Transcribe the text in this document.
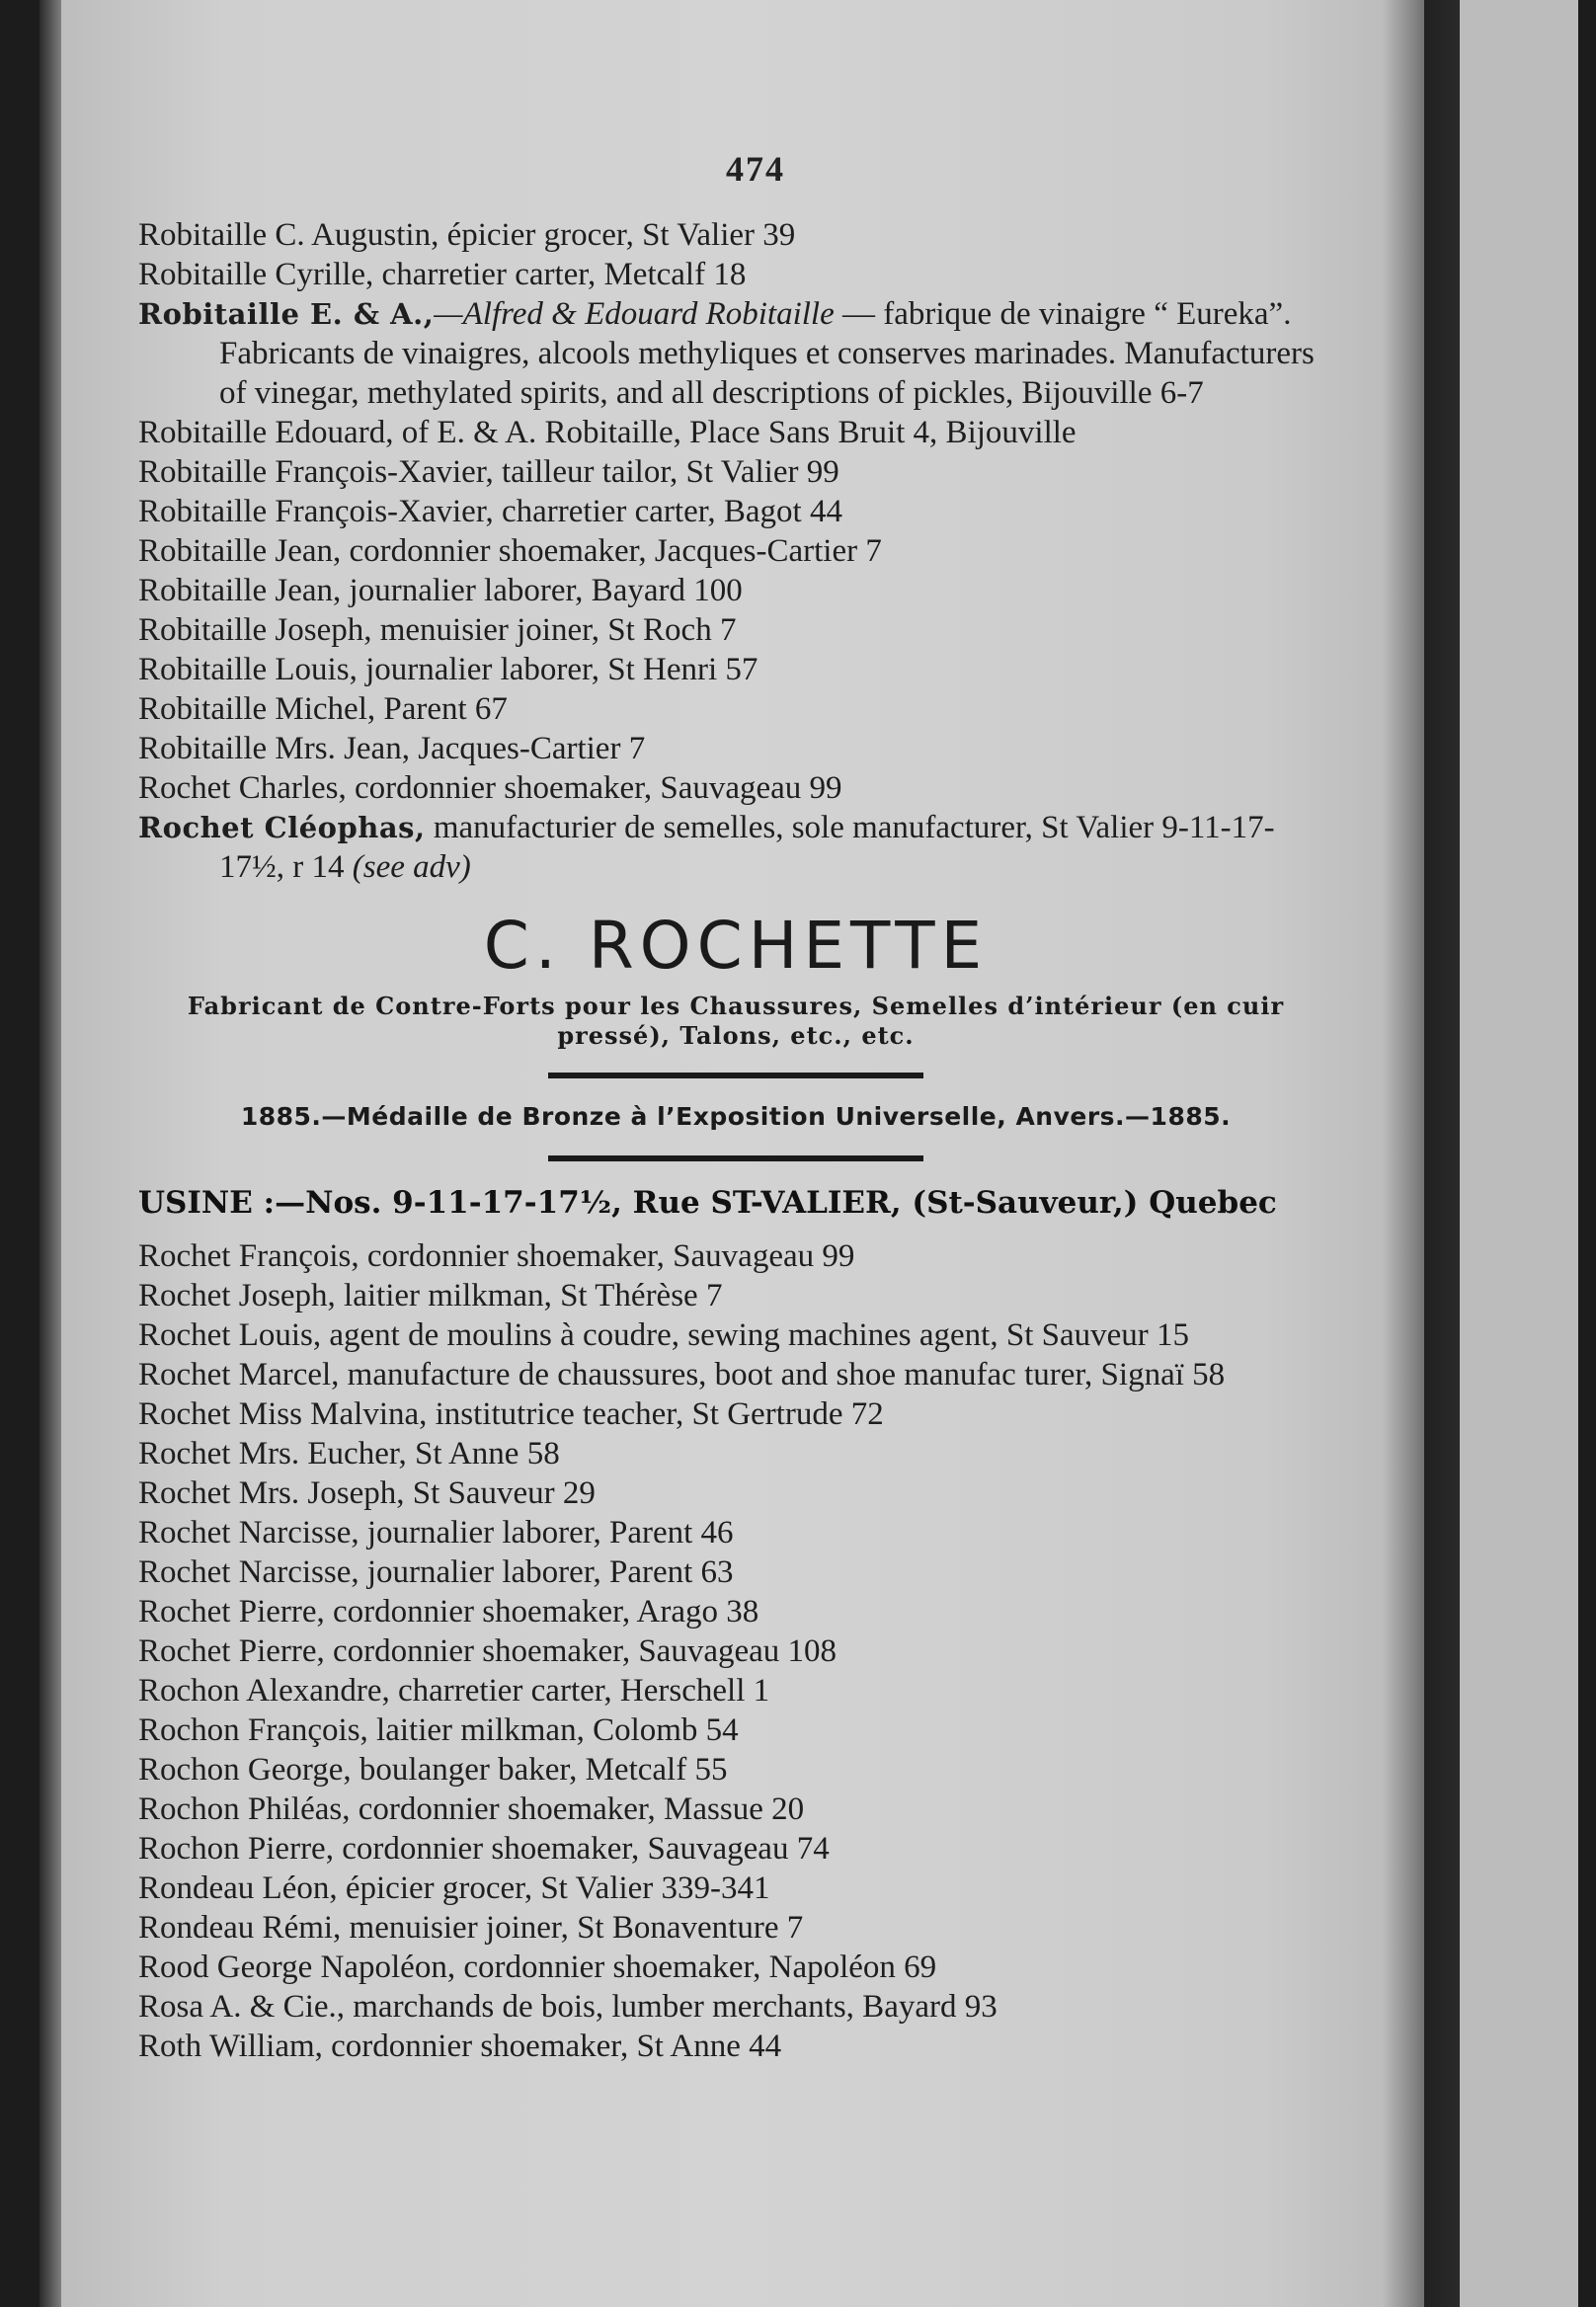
474

Robitaille C. Augustin, épicier grocer, St Valier 39

Robitaille Cyrille, charretier carter, Metcalf 18

Robitaille E. & A.,—Alfred & Edouard Robitaille — fabrique de vinaigre “ Eureka”. Fabricants de vinaigres, alcools methyliques et conserves marinades. Manufacturers of vinegar, methylated spirits, and all descriptions of pickles, Bijouville 6-7

Robitaille Edouard, of E. & A. Robitaille, Place Sans Bruit 4, Bijouville

Robitaille François-Xavier, tailleur tailor, St Valier 99

Robitaille François-Xavier, charretier carter, Bagot 44

Robitaille Jean, cordonnier shoemaker, Jacques-Cartier 7

Robitaille Jean, journalier laborer, Bayard 100

Robitaille Joseph, menuisier joiner, St Roch 7

Robitaille Louis, journalier laborer, St Henri 57

Robitaille Michel, Parent 67

Robitaille Mrs. Jean, Jacques-Cartier 7

Rochet Charles, cordonnier shoemaker, Sauvageau 99

Rochet Cléophas, manufacturier de semelles, sole manufacturer, St Valier 9-11-17-17½, r 14 (see adv)

C. ROCHETTE
Fabricant de Contre-Forts pour les Chaussures, Semelles d’intérieur (en cuir pressé), Talons, etc., etc.
1885.—Médaille de Bronze à l’Exposition Universelle, Anvers.—1885.
USINE :—Nos. 9-11-17-17½, Rue ST-VALIER, (St-Sauveur,) Quebec

Rochet François, cordonnier shoemaker, Sauvageau 99

Rochet Joseph, laitier milkman, St Thérèse 7

Rochet Louis, agent de moulins à coudre, sewing machines agent, St Sauveur 15

Rochet Marcel, manufacture de chaussures, boot and shoe manufac turer, Signaï 58

Rochet Miss Malvina, institutrice teacher, St Gertrude 72

Rochet Mrs. Eucher, St Anne 58

Rochet Mrs. Joseph, St Sauveur 29

Rochet Narcisse, journalier laborer, Parent 46

Rochet Narcisse, journalier laborer, Parent 63

Rochet Pierre, cordonnier shoemaker, Arago 38

Rochet Pierre, cordonnier shoemaker, Sauvageau 108

Rochon Alexandre, charretier carter, Herschell 1

Rochon François, laitier milkman, Colomb 54

Rochon George, boulanger baker, Metcalf 55

Rochon Philéas, cordonnier shoemaker, Massue 20

Rochon Pierre, cordonnier shoemaker, Sauvageau 74

Rondeau Léon, épicier grocer, St Valier 339-341

Rondeau Rémi, menuisier joiner, St Bonaventure 7

Rood George Napoléon, cordonnier shoemaker, Napoléon 69

Rosa A. & Cie., marchands de bois, lumber merchants, Bayard 93

Roth William, cordonnier shoemaker, St Anne 44
